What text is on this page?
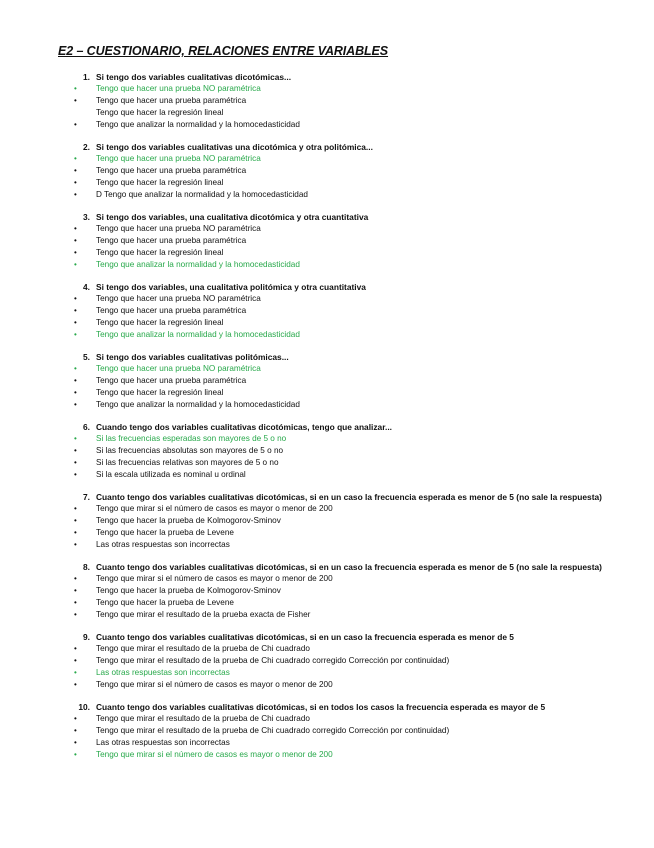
E2 – CUESTIONARIO, RELACIONES ENTRE VARIABLES
1. Si tengo dos variables cualitativas dicotómicas...
•	Tengo que hacer una prueba NO paramétrica
•	Tengo que hacer una prueba paramétrica
Tengo que hacer la regresión lineal
•	Tengo que analizar la normalidad y la homocedasticidad
2. Si tengo dos variables cualitativas una dicotómica y otra politómica...
•	Tengo que hacer una prueba NO paramétrica
•	Tengo que hacer una prueba paramétrica
•	Tengo que hacer la regresión lineal
•	D Tengo que analizar la normalidad y la homocedasticidad
3. Si tengo dos variables, una cualitativa dicotómica y otra cuantitativa
•	Tengo que hacer una prueba NO paramétrica
•	Tengo que hacer una prueba paramétrica
•	Tengo que hacer la regresión lineal
•	Tengo que analizar la normalidad y la homocedasticidad
4. Si tengo dos variables, una cualitativa politómica y otra cuantitativa
•	Tengo que hacer una prueba NO paramétrica
•	Tengo que hacer una prueba paramétrica
•	Tengo que hacer la regresión lineal
•	Tengo que analizar la normalidad y la homocedasticidad
5. Si tengo dos variables cualitativas politómicas...
•	Tengo que hacer una prueba NO paramétrica
•	Tengo que hacer una prueba paramétrica
•	Tengo que hacer la regresión lineal
•	Tengo que analizar la normalidad y la homocedasticidad
6. Cuando tengo dos variables cualitativas dicotómicas, tengo que analizar...
•	Si las frecuencias esperadas son mayores de 5 o no
•	Si las frecuencias absolutas son mayores de 5 o no
•	Si las frecuencias relativas son mayores de 5 o no
•	Si la escala utilizada es nominal u ordinal
7. Cuanto tengo dos variables cualitativas dicotómicas, si en un caso la frecuencia esperada es menor de 5 (no sale la respuesta)
•	Tengo que mirar si el número de casos es mayor o menor de 200
•	Tengo que hacer la prueba de Kolmogorov-Sminov
•	Tengo que hacer la prueba de Levene
•	Las otras respuestas son incorrectas
8. Cuanto tengo dos variables cualitativas dicotómicas, si en un caso la frecuencia esperada es menor de 5 (no sale la respuesta)
•	Tengo que mirar si el número de casos es mayor o menor de 200
•	Tengo que hacer la prueba de Kolmogorov-Sminov
•	Tengo que hacer la prueba de Levene
•	Tengo que mirar el resultado de la prueba exacta de Fisher
9. Cuanto tengo dos variables cualitativas dicotómicas, si en un caso la frecuencia esperada es menor de 5
•	Tengo que mirar el resultado de la prueba de Chi cuadrado
•	Tengo que mirar el resultado de la prueba de Chi cuadrado corregido Corrección por continuidad)
•	Las otras respuestas son incorrectas
•	Tengo que mirar si el número de casos es mayor o menor de 200
10. Cuanto tengo dos variables cualitativas dicotómicas, si en todos los casos la frecuencia esperada es mayor de 5
•	Tengo que mirar el resultado de la prueba de Chi cuadrado
•	Tengo que mirar el resultado de la prueba de Chi cuadrado corregido Corrección por continuidad)
•	Las otras respuestas son incorrectas
•	Tengo que mirar si el número de casos es mayor o menor de 200
